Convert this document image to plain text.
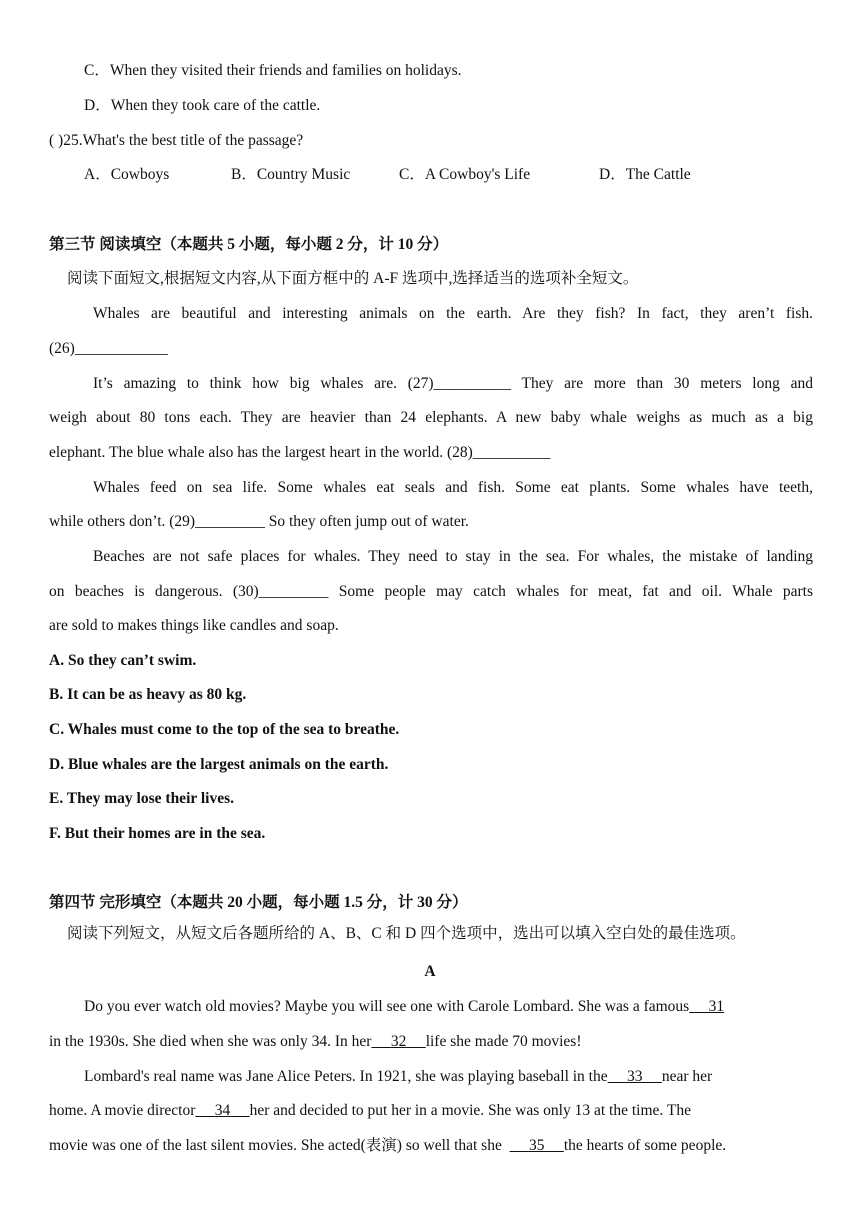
C．When they visited their friends and families on holidays.
D．When they took care of the cattle.
( )25.What's the best title of the passage?
A．Cowboys	B．Country Music	C．A Cowboy's Life	D．The Cattle
第三节 阅读填空（本题共 5 小题，每小题 2 分，计 10 分）
阅读下面短文,根据短文内容,从下面方框中的 A-F 选项中,选择适当的选项补全短文。
Whales are beautiful and interesting animals on the earth. Are they fish? In fact, they aren’t fish.
(26)____________
It’s amazing to think how big whales are. (27)__________ They are more than 30 meters long and
weigh about 80 tons each. They are heavier than 24 elephants. A new baby whale weighs as much as a big
elephant. The blue whale also has the largest heart in the world. (28)__________
Whales feed on sea life. Some whales eat seals and fish. Some eat plants. Some whales have teeth,
while others don’t. (29)_________ So they often jump out of water.
Beaches are not safe places for whales. They need to stay in the sea. For whales, the mistake of landing
on beaches is dangerous. (30)_________ Some people may catch whales for meat, fat and oil. Whale parts
are sold to makes things like candles and soap.
A. So they can’t swim.
B. It can be as heavy as 80 kg.
C. Whales must come to the top of the sea to breathe.
D. Blue whales are the largest animals on the earth.
E. They may lose their lives.
F. But their homes are in the sea.
第四节 完形填空（本题共 20 小题，每小题 1.5 分，计 30 分）
阅读下列短文，从短文后各题所给的 A、B、C 和 D 四个选项中，选出可以填入空白处的最佳选项。
A
Do you ever watch old movies? Maybe you will see one with Carole Lombard. She was a famous 31
in the 1930s. She died when she was only 34. In her 32 life she made 70 movies!
Lombard's real name was Jane Alice Peters. In 1921, she was playing baseball in the 33 near her
home. A movie director 34 her and decided to put her in a movie. She was only 13 at the time. The
movie was one of the last silent movies. She acted(表演) so well that she 35 the hearts of some people.
